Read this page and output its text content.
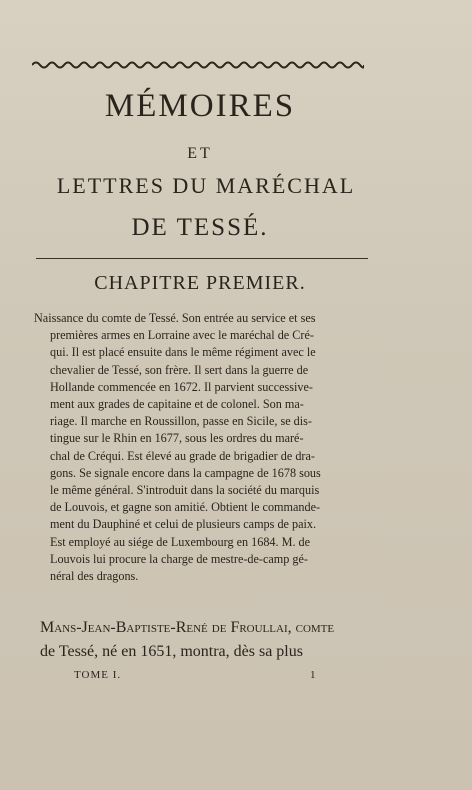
MÉMOIRES
ET
LETTRES DU MARÉCHAL
DE TESSÉ.
CHAPITRE PREMIER.
Naissance du comte de Tessé. Son entrée au service et ses
premières armes en Lorraine avec le maréchal de Cré-
qui. Il est placé ensuite dans le même régiment avec le
chevalier de Tessé, son frère. Il sert dans la guerre de
Hollande commencée en 1672. Il parvient successive-
ment aux grades de capitaine et de colonel. Son ma-
riage. Il marche en Roussillon, passe en Sicile, se dis-
tingue sur le Rhin en 1677, sous les ordres du maré-
chal de Créqui. Est élevé au grade de brigadier de dra-
gons. Se signale encore dans la campagne de 1678 sous
le même général. S'introduit dans la société du marquis
de Louvois, et gagne son amitié. Obtient le commande-
ment du Dauphiné et celui de plusieurs camps de paix.
Est employé au siége de Luxembourg en 1684. M. de
Louvois lui procure la charge de mestre-de-camp gé-
néral des dragons.
Mans-Jean-Baptiste-René de Froullai, comte
de Tessé, né en 1651, montra, dès sa plus
TOME I.	1
